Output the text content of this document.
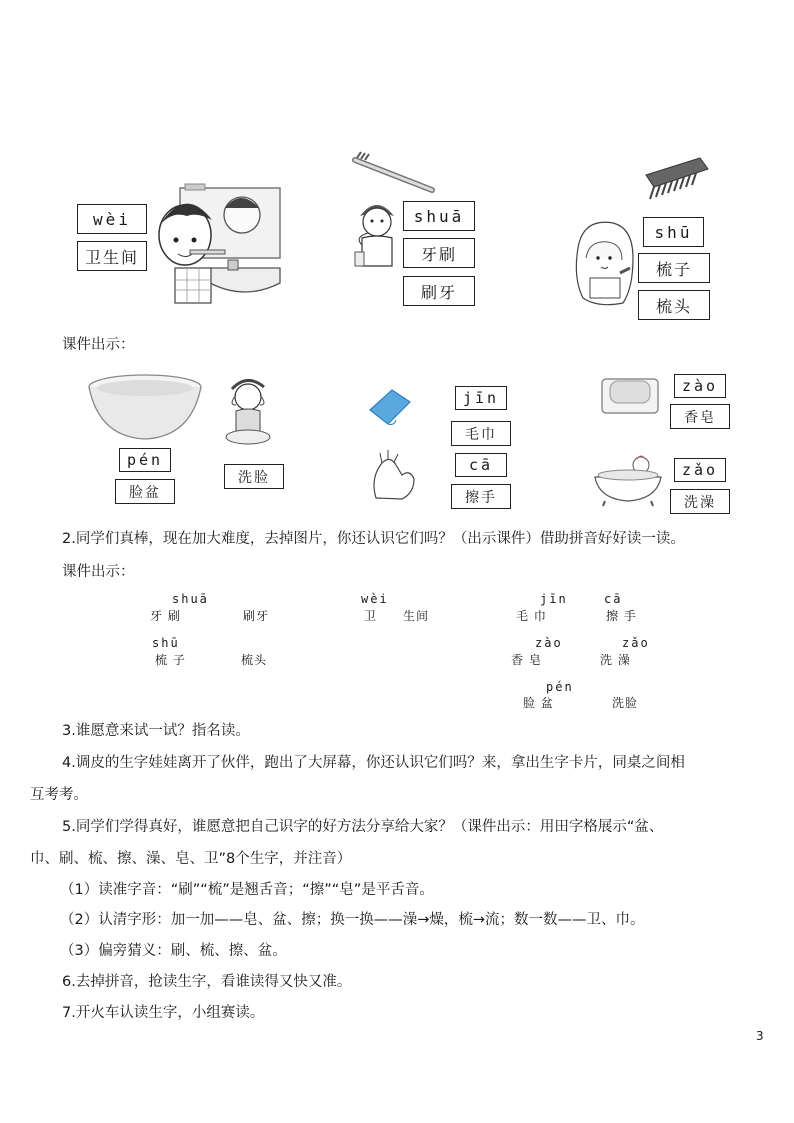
wèi
卫生间
shuā
牙刷
刷牙
shū
梳子
梳头
课件出示：
pén
脸盆
洗脸
jīn
毛巾
cā
擦手
zào
香皂
zǎo
洗澡
2.同学们真棒，现在加大难度，去掉图片，你还认识它们吗？（出示课件）借助拼音好好读一读。
课件出示：
shuā
牙 刷	刷牙
wèi
卫 生间
jīn	cā
毛 巾	擦 手
shū
梳 子	梳头
zào	zǎo
香 皂	洗 澡
pén
脸 盆	洗脸
3.谁愿意来试一试？指名读。
4.调皮的生字娃娃离开了伙伴，跑出了大屏幕，你还认识它们吗？来，拿出生字卡片，同桌之间相
互考考。
5.同学们学得真好，谁愿意把自己识字的好方法分享给大家？（课件出示：用田字格展示“盆、
巾、刷、梳、擦、澡、皂、卫”8个生字，并注音）
（1）读准字音：“刷”“梳”是翘舌音；“擦”“皂”是平舌音。
（2）认清字形：加一加——皂、盆、擦；换一换——澡→燥，梳→流；数一数——卫、巾。
（3）偏旁猜义：刷、梳、擦、盆。
6.去掉拼音，抢读生字，看谁读得又快又准。
7.开火车认读生字，小组赛读。
3
